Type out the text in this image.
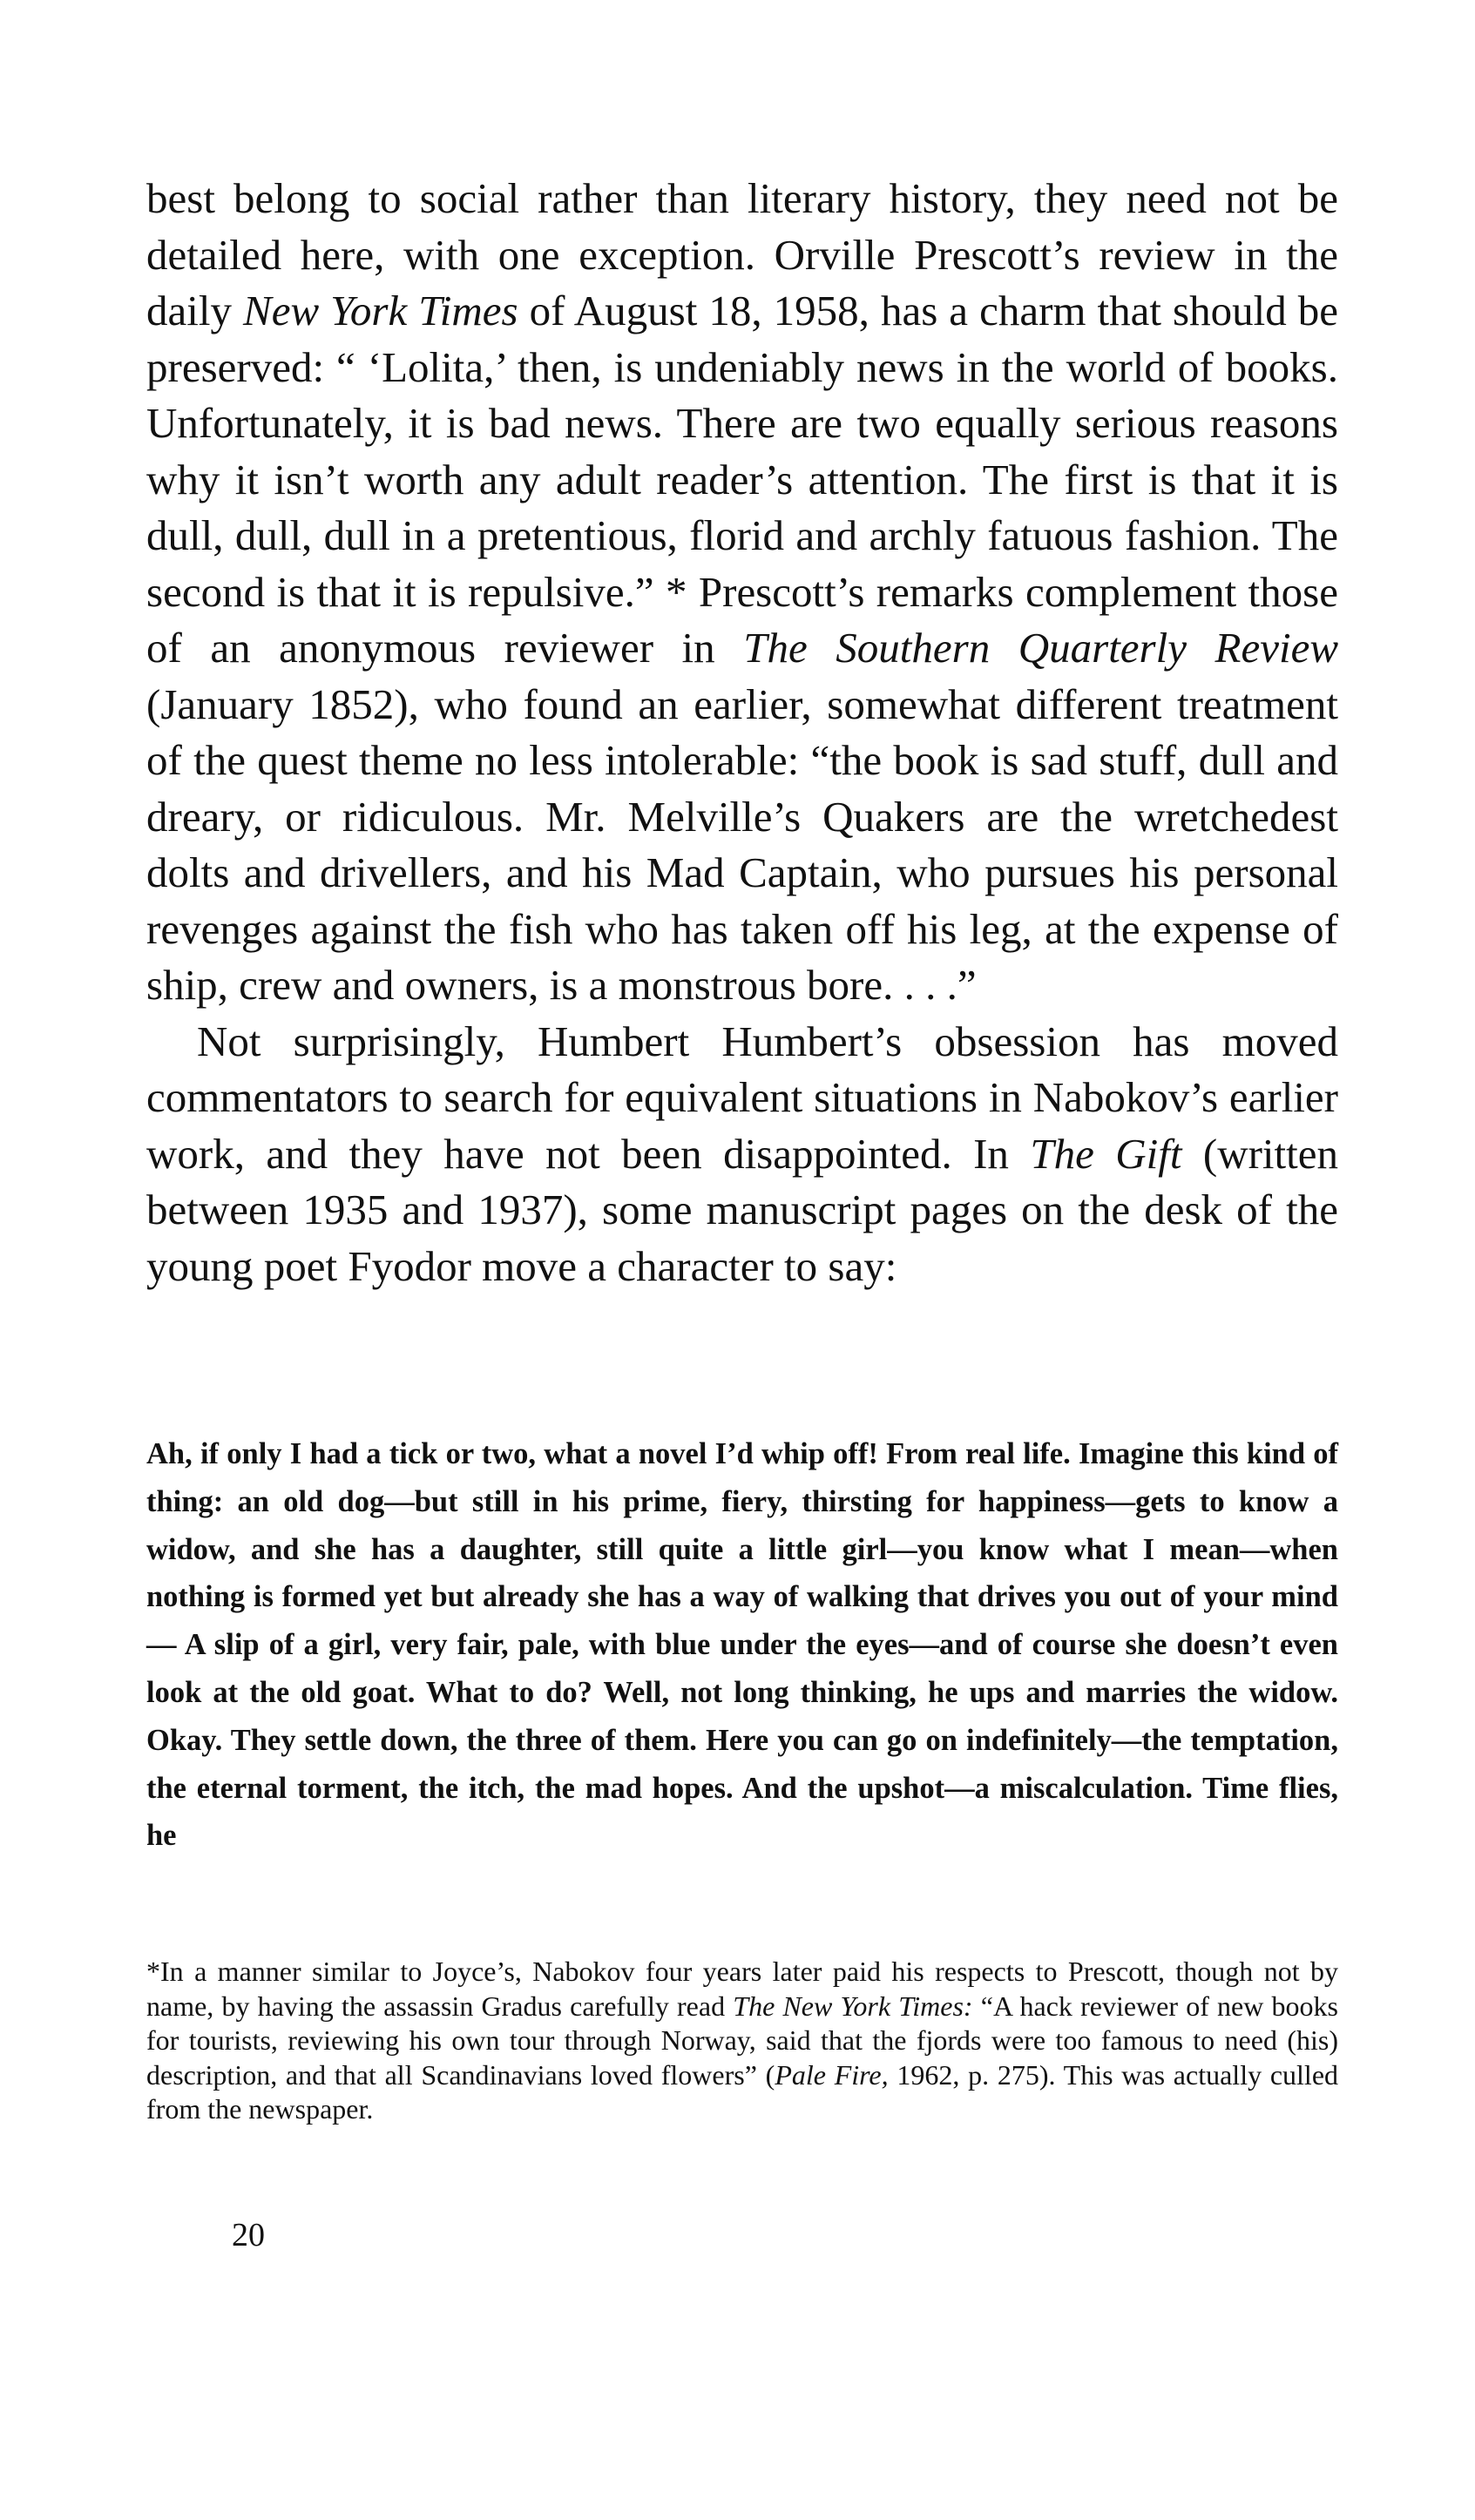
best belong to social rather than literary history, they need not be detailed here, with one exception. Orville Prescott’s review in the daily New York Times of August 18, 1958, has a charm that should be preserved: “ ‘Lolita,’ then, is undeniably news in the world of books. Unfortunately, it is bad news. There are two equally serious reasons why it isn’t worth any adult reader’s attention. The first is that it is dull, dull, dull in a pretentious, florid and archly fatuous fashion. The second is that it is repulsive.” * Prescott’s remarks complement those of an anonymous reviewer in The Southern Quarterly Review (January 1852), who found an earlier, somewhat different treatment of the quest theme no less intolerable: “the book is sad stuff, dull and dreary, or ridiculous. Mr. Melville’s Quakers are the wretchedest dolts and drivellers, and his Mad Captain, who pursues his personal revenges against the fish who has taken off his leg, at the expense of ship, crew and owners, is a monstrous bore. . . .”

Not surprisingly, Humbert Humbert’s obsession has moved commentators to search for equivalent situations in Nabokov’s earlier work, and they have not been disappointed. In The Gift (written between 1935 and 1937), some manuscript pages on the desk of the young poet Fyodor move a character to say:

Ah, if only I had a tick or two, what a novel I’d whip off! From real life. Imagine this kind of thing: an old dog—but still in his prime, fiery, thirsting for happiness—gets to know a widow, and she has a daughter, still quite a little girl—you know what I mean—when nothing is formed yet but already she has a way of walking that drives you out of your mind— A slip of a girl, very fair, pale, with blue under the eyes—and of course she doesn’t even look at the old goat. What to do? Well, not long thinking, he ups and marries the widow. Okay. They settle down, the three of them. Here you can go on indefinitely—the temptation, the eternal torment, the itch, the mad hopes. And the upshot—a miscalculation. Time flies, he

*In a manner similar to Joyce’s, Nabokov four years later paid his respects to Prescott, though not by name, by having the assassin Gradus carefully read The New York Times: “A hack reviewer of new books for tourists, reviewing his own tour through Norway, said that the fjords were too famous to need (his) description, and that all Scandinavians loved flowers” (Pale Fire, 1962, p. 275). This was actually culled from the newspaper.

20
